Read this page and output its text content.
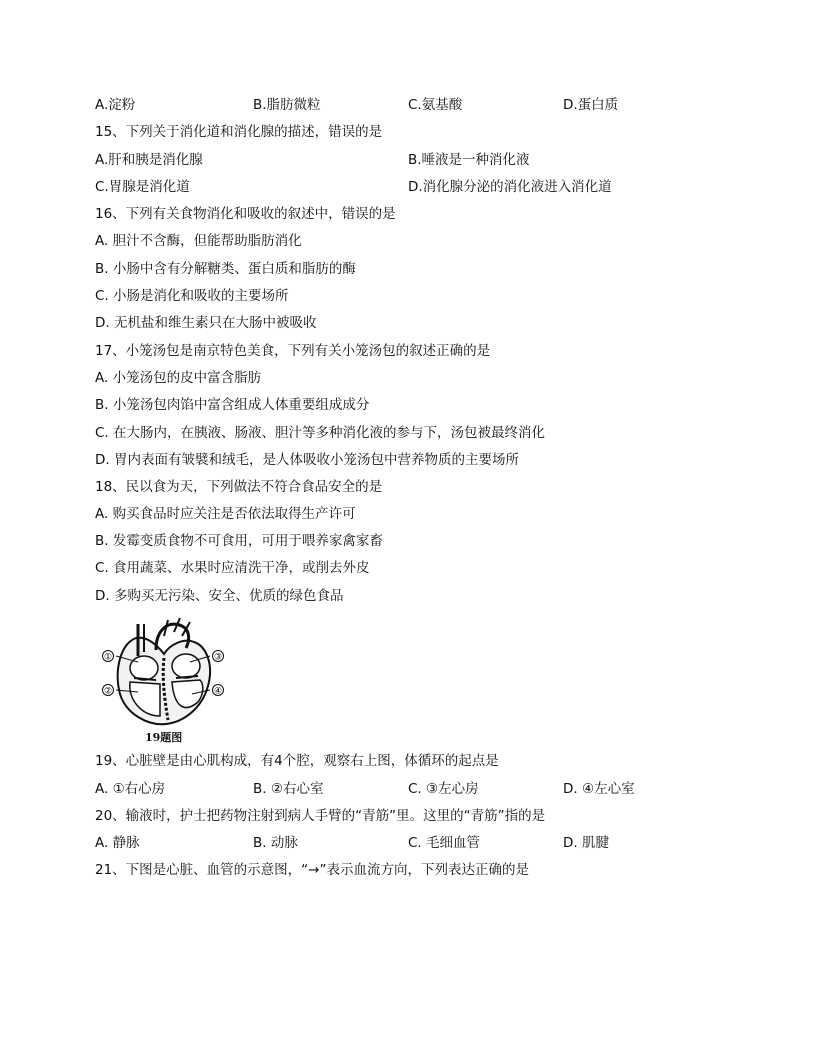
A.淀粉	B.脂肪微粒	C.氨基酸	D.蛋白质
15、下列关于消化道和消化腺的描述，错误的是
A.肝和胰是消化腺	B.唾液是一种消化液
C.胃腺是消化道	D.消化腺分泌的消化液进入消化道
16、下列有关食物消化和吸收的叙述中，错误的是
A. 胆汁不含酶，但能帮助脂肪消化
B. 小肠中含有分解糖类、蛋白质和脂肪的酶
C. 小肠是消化和吸收的主要场所
D. 无机盐和维生素只在大肠中被吸收
17、小笼汤包是南京特色美食，下列有关小笼汤包的叙述正确的是
A. 小笼汤包的皮中富含脂肪
B. 小笼汤包肉馅中富含组成人体重要组成成分
C. 在大肠内，在胰液、肠液、胆汁等多种消化液的参与下，汤包被最终消化
D. 胃内表面有皱襞和绒毛，是人体吸收小笼汤包中营养物质的主要场所
18、民以食为天，下列做法不符合食品安全的是
A. 购买食品时应关注是否依法取得生产许可
B. 发霉变质食物不可食用，可用于喂养家禽家畜
C. 食用蔬菜、水果时应清洗干净，或削去外皮
D. 多购买无污染、安全、优质的绿色食品
①
②
③
④
19题图
19、心脏壁是由心肌构成，有4个腔，观察右上图，体循环的起点是
A. ①右心房	B. ②右心室	C. ③左心房	D. ④左心室
20、输液时，护士把药物注射到病人手臂的“青筋”里。这里的“青筋”指的是
A. 静脉	B. 动脉	C. 毛细血管	D. 肌腱
21、下图是心脏、血管的示意图，“→”表示血流方向，下列表达正确的是
